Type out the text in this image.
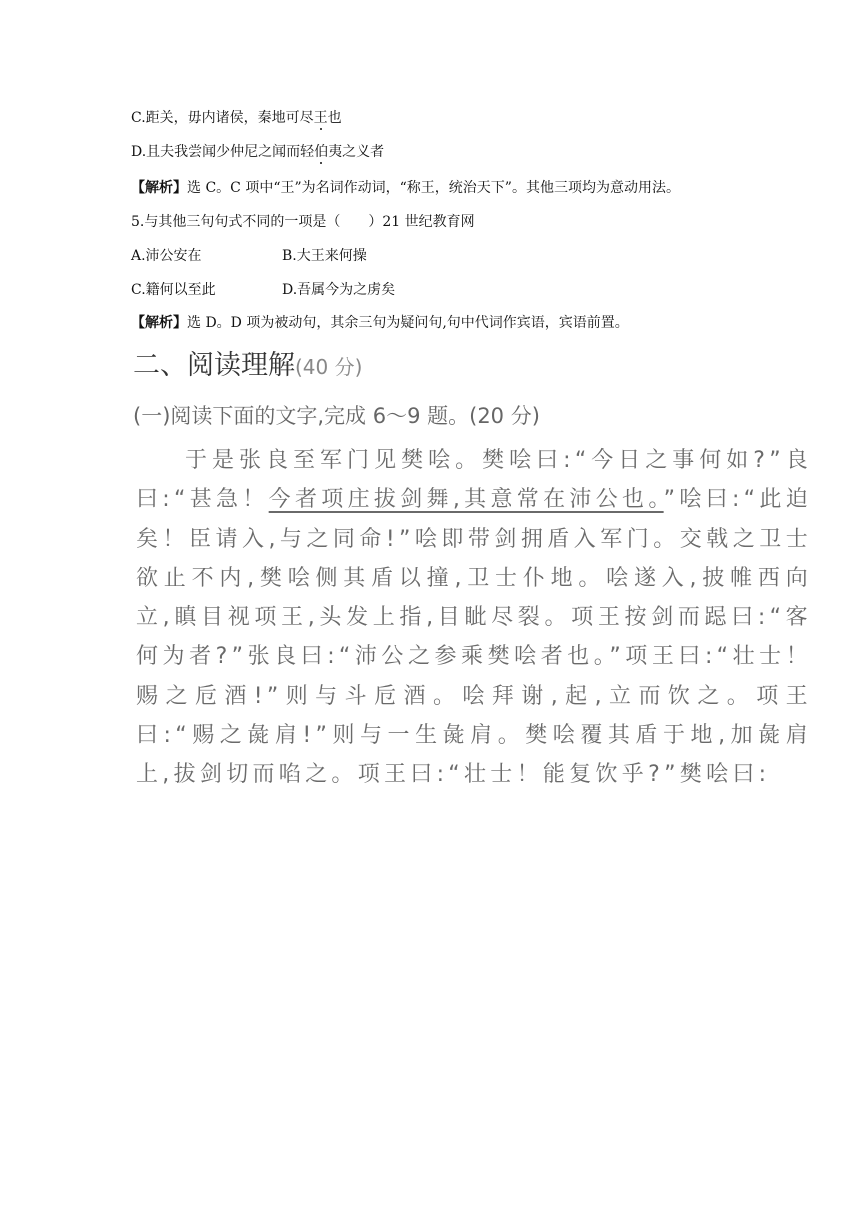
C.距关，毋内诸侯，秦地可尽王也
D.且夫我尝闻少仲尼之闻而轻伯夷之义者
【解析】选 C。C 项中“王”为名词作动词，“称王，统治天下”。其他三项均为意动用法。
5.与其他三句句式不同的一项是（　　）21 世纪教育网
A.沛公安在	B.大王来何操
C.籍何以至此	D.吾属今为之虏矣
【解析】选 D。D 项为被动句，其余三句为疑问句,句中代词作宾语，宾语前置。
二、阅读理解(40 分)
(一)阅读下面的文字,完成 6～9 题。(20 分)
于是张良至军门见樊哙。樊哙曰:“今日之事何如?”良曰:“甚急！今者项庄拔剑舞,其意常在沛公也。”哙曰:“此迫矣！臣请入,与之同命!”哙即带剑拥盾入军门。交戟之卫士欲止不内,樊哙侧其盾以撞,卫士仆地。哙遂入,披帷西向立,瞋目视项王,头发上指,目眦尽裂。项王按剑而跽曰:“客何为者?”张良曰:“沛公之参乘樊哙者也。”项王曰:“壮士！赐之卮酒!”则与斗卮酒。哙拜谢,起,立而饮之。项王曰:“赐之彘肩!”则与一生彘肩。樊哙覆其盾于地,加彘肩上,拔剑切而啗之。项王曰:“壮士！能复饮乎?”樊哙曰:
